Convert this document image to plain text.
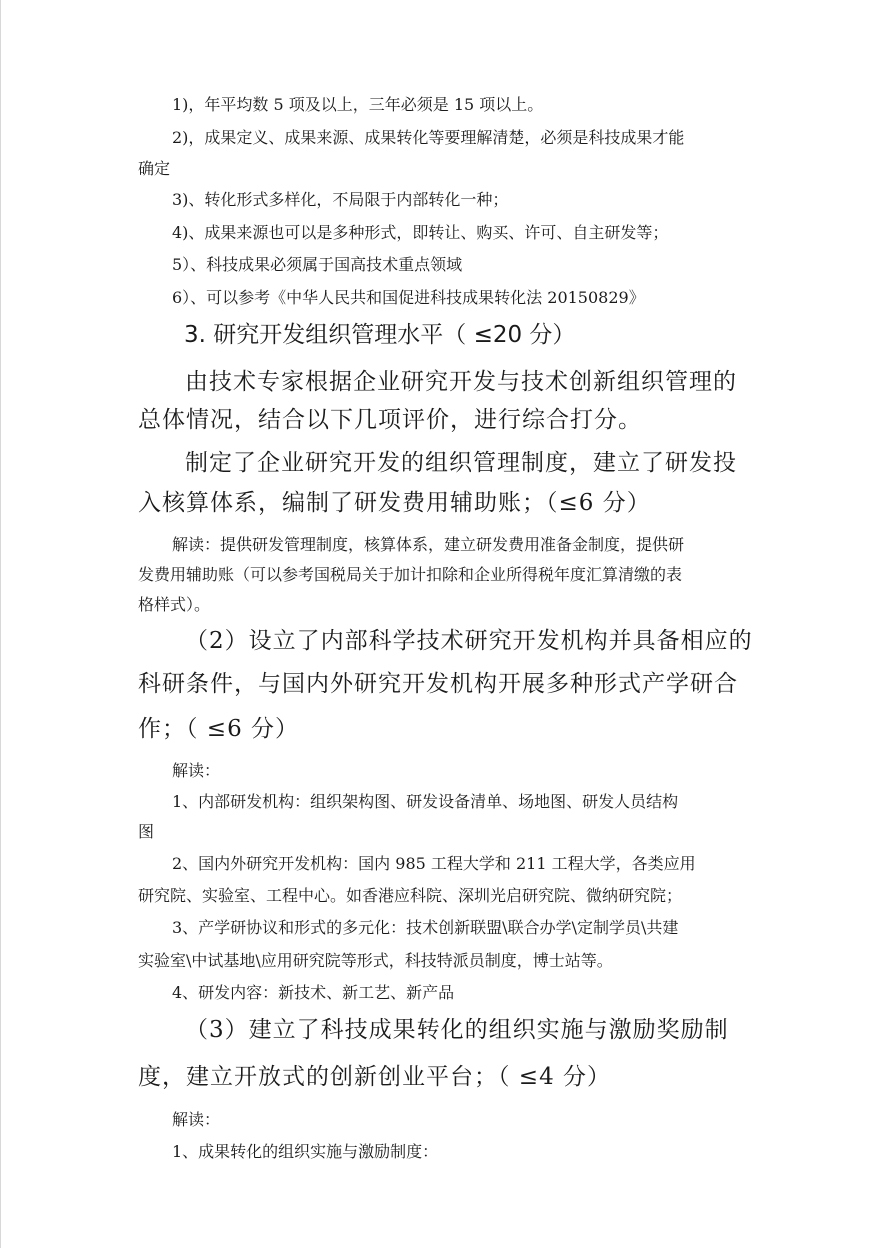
1)，年平均数 5 项及以上，三年必须是 15 项以上。
2)，成果定义、成果来源、成果转化等要理解清楚，必须是科技成果才能
确定
3)、转化形式多样化，不局限于内部转化一种；
4)、成果来源也可以是多种形式，即转让、购买、许可、自主研发等；
5）、科技成果必须属于国高技术重点领域
6）、可以参考《中华人民共和国促进科技成果转化法 20150829》
3. 研究开发组织管理水平（ ≤20 分）
由技术专家根据企业研究开发与技术创新组织管理的
总体情况，结合以下几项评价，进行综合打分。
制定了企业研究开发的组织管理制度，建立了研发投
入核算体系，编制了研发费用辅助账；（≤6 分）
解读：提供研发管理制度，核算体系，建立研发费用准备金制度，提供研
发费用辅助账（可以参考国税局关于加计扣除和企业所得税年度汇算清缴的表
格样式）。
（2）设立了内部科学技术研究开发机构并具备相应的
科研条件，与国内外研究开发机构开展多种形式产学研合
作；（ ≤6 分）
解读：
1、内部研发机构：组织架构图、研发设备清单、场地图、研发人员结构
图
2、国内外研究开发机构：国内 985 工程大学和 211 工程大学，各类应用
研究院、实验室、工程中心。如香港应科院、深圳光启研究院、微纳研究院；
3、产学研协议和形式的多元化：技术创新联盟\联合办学\定制学员\共建
实验室\中试基地\应用研究院等形式，科技特派员制度，博士站等。
4、研发内容：新技术、新工艺、新产品
（3）建立了科技成果转化的组织实施与激励奖励制
度，建立开放式的创新创业平台；（ ≤4 分）
解读：
1、成果转化的组织实施与激励制度：
